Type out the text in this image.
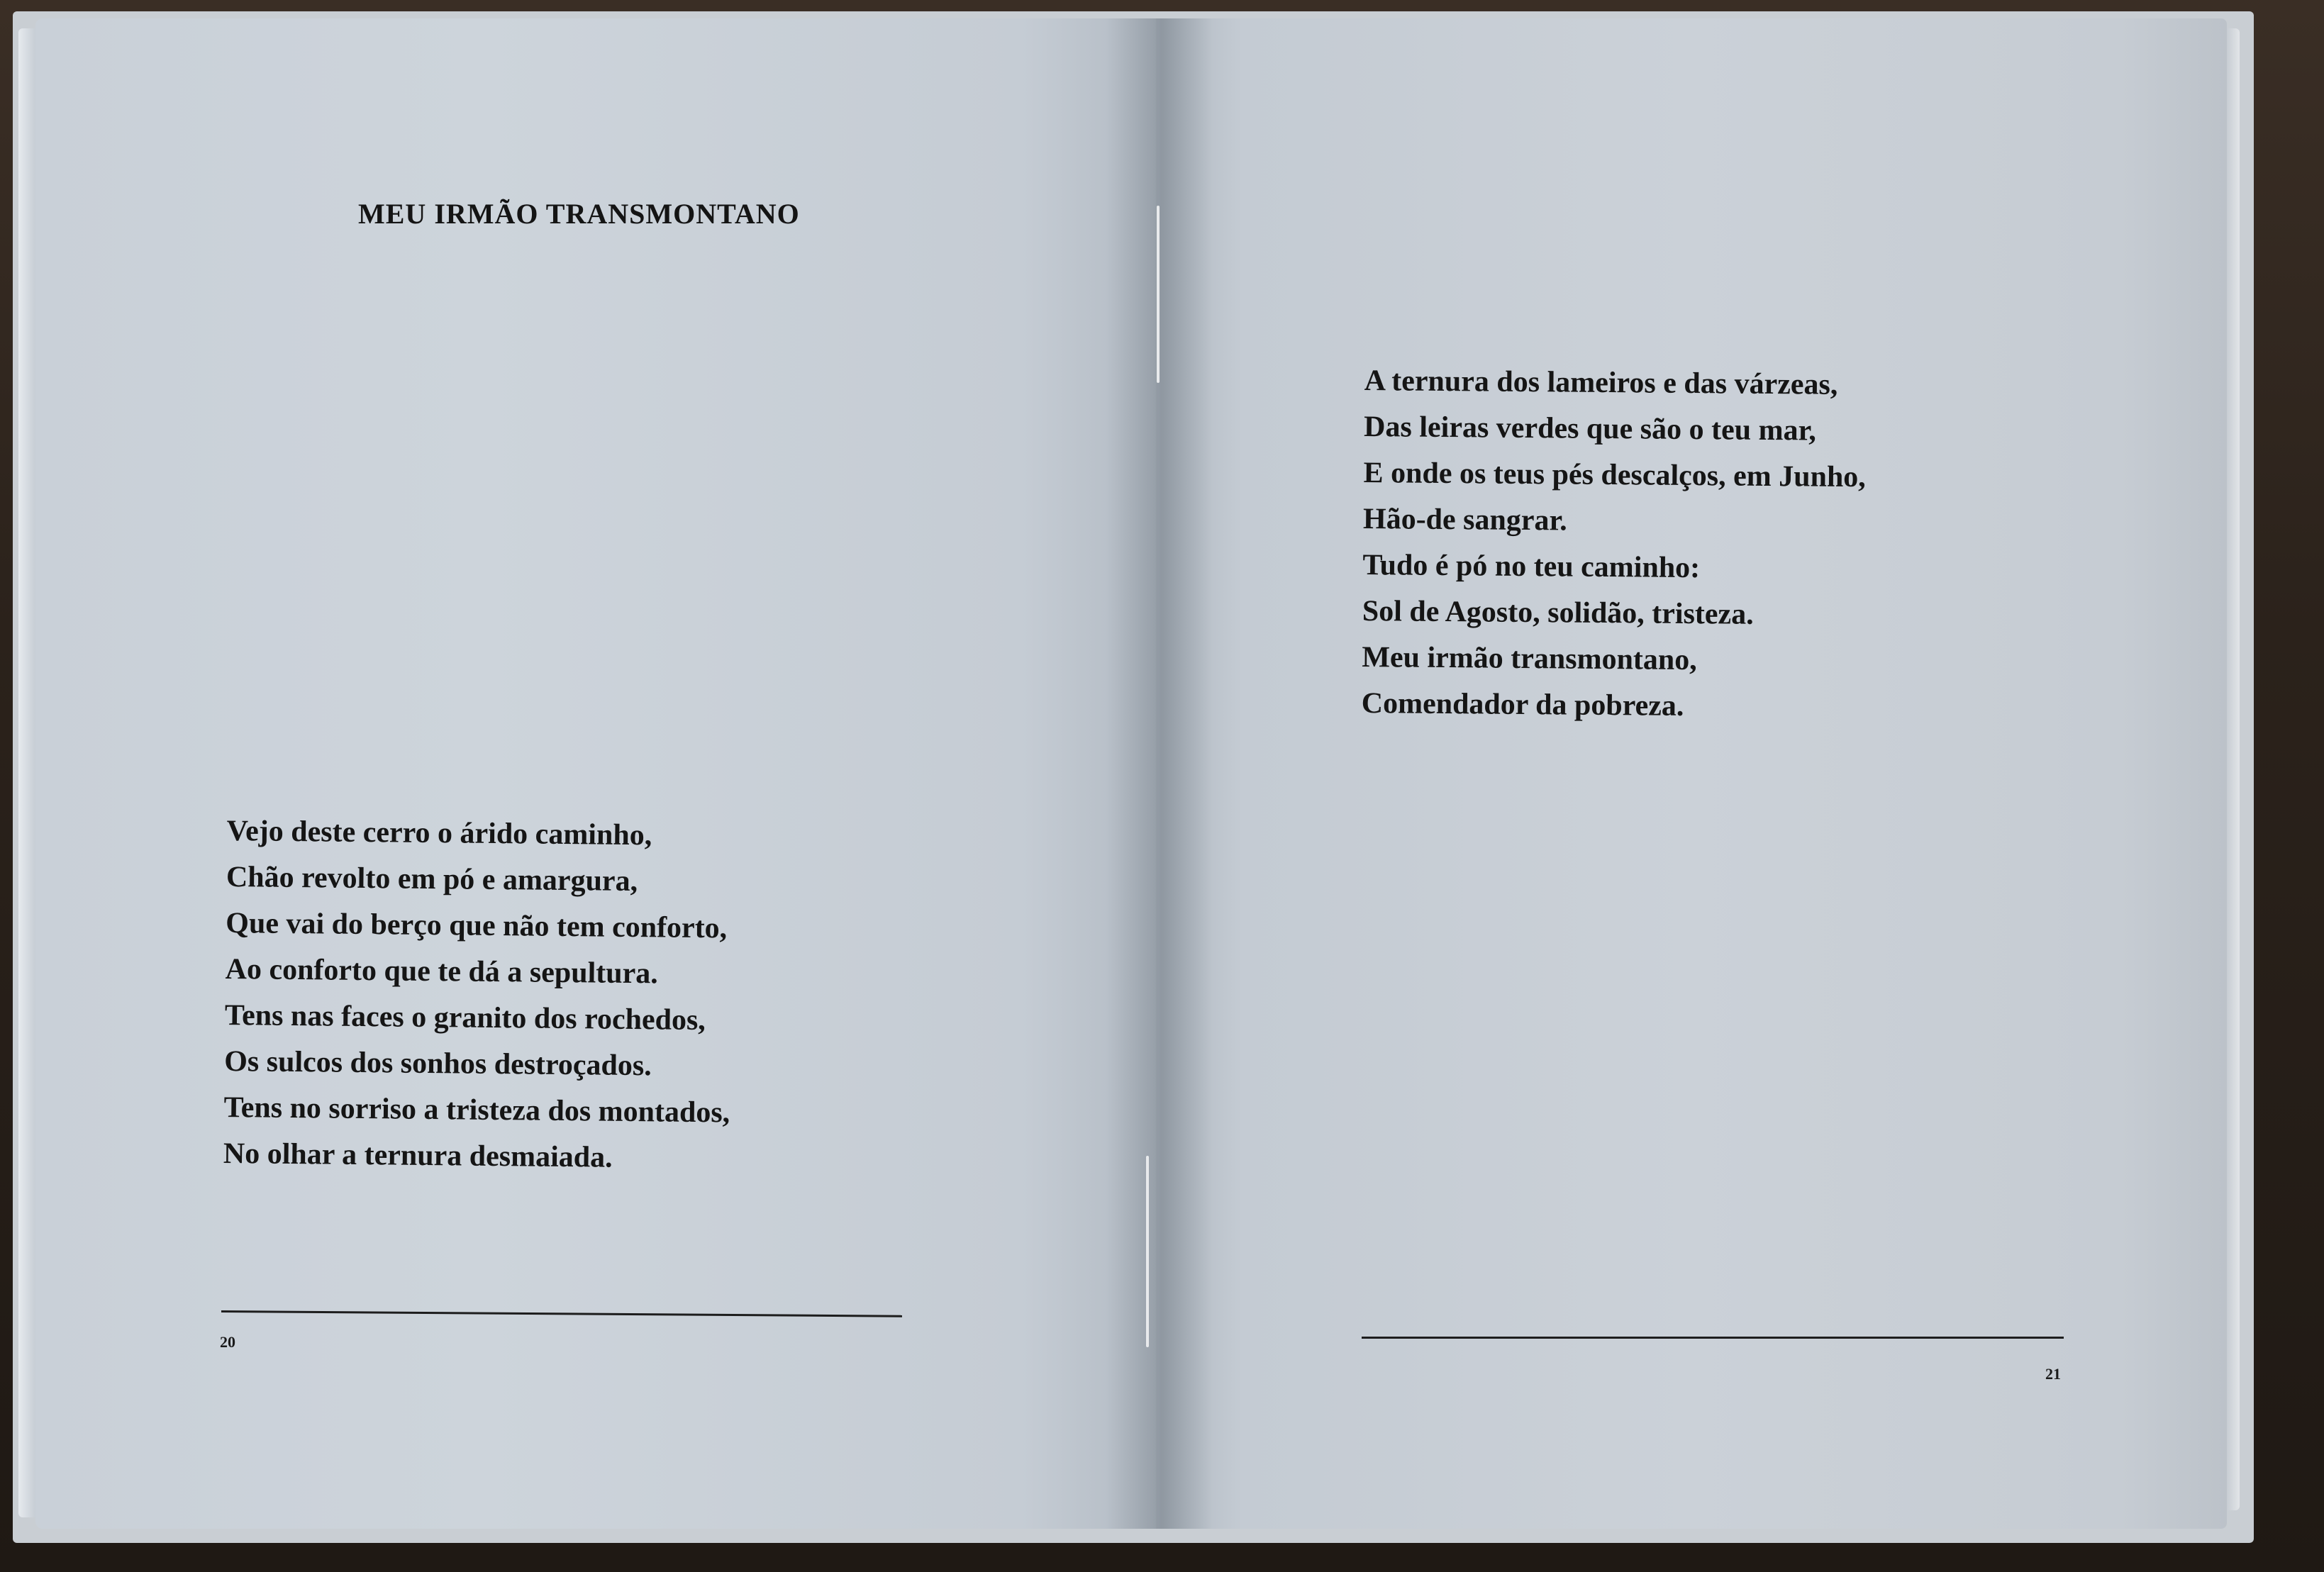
MEU IRMÃO TRANSMONTANO
Vejo deste cerro o árido caminho,
Chão revolto em pó e amargura,
Que vai do berço que não tem conforto,
Ao conforto que te dá a sepultura.
Tens nas faces o granito dos rochedos,
Os sulcos dos sonhos destroçados.
Tens no sorriso a tristeza dos montados,
No olhar a ternura desmaiada.
A ternura dos lameiros e das várzeas,
Das leiras verdes que são o teu mar,
E onde os teus pés descalços, em Junho,
Hão-de sangrar.
Tudo é pó no teu caminho:
Sol de Agosto, solidão, tristeza.
Meu irmão transmontano,
Comendador da pobreza.
20
21
